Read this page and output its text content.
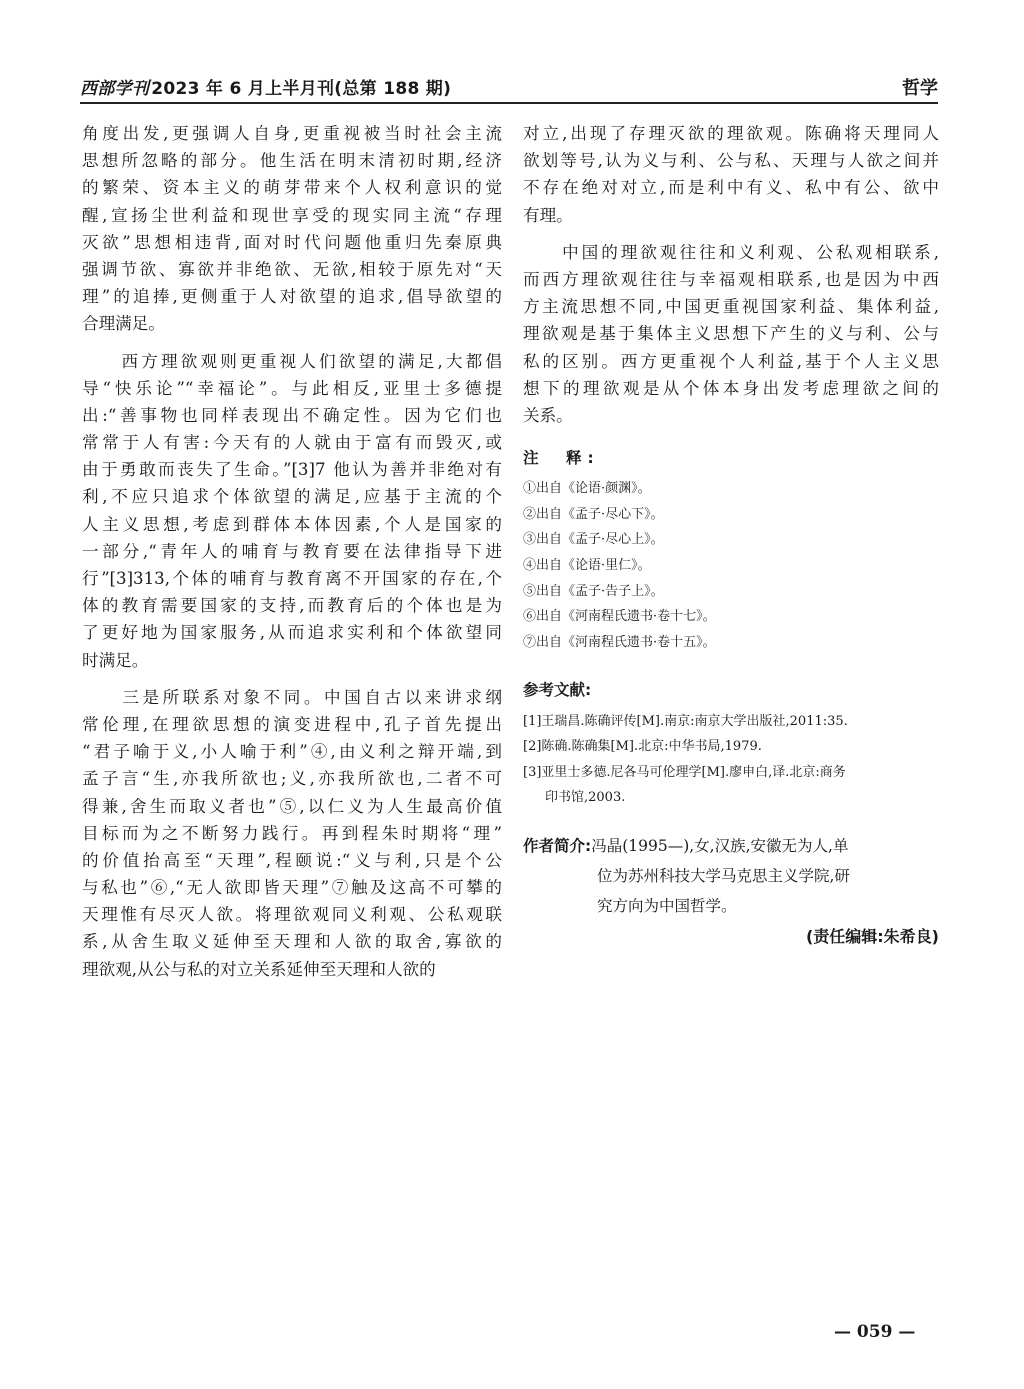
西部学刊 2023 年 6 月上半月刊(总第 188 期)	哲学
角度出发,更强调人自身,更重视被当时社会主流
思想所忽略的部分。他生活在明末清初时期,经济
的繁荣、资本主义的萌芽带来个人权利意识的觉
醒,宣扬尘世利益和现世享受的现实同主流“存理
灭欲”思想相违背,面对时代问题他重归先秦原典
强调节欲、寡欲并非绝欲、无欲,相较于原先对“天
理”的追捧,更侧重于人对欲望的追求,倡导欲望的
合理满足。
　　西方理欲观则更重视人们欲望的满足,大都倡
导“快乐论”“幸福论”。与此相反,亚里士多德提
出:“善事物也同样表现出不确定性。因为它们也
常常于人有害:今天有的人就由于富有而毁灭,或
由于勇敢而丧失了生命。”[3]7 他认为善并非绝对有
利,不应只追求个体欲望的满足,应基于主流的个
人主义思想,考虑到群体本体因素,个人是国家的
一部分,“青年人的哺育与教育要在法律指导下进
行”[3]313,个体的哺育与教育离不开国家的存在,个
体的教育需要国家的支持,而教育后的个体也是为
了更好地为国家服务,从而追求实利和个体欲望同
时满足。
　　三是所联系对象不同。中国自古以来讲求纲
常伦理,在理欲思想的演变进程中,孔子首先提出
“君子喻于义,小人喻于利”④,由义利之辩开端,到
孟子言“生,亦我所欲也;义,亦我所欲也,二者不可
得兼,舍生而取义者也”⑤,以仁义为人生最高价值
目标而为之不断努力践行。再到程朱时期将“理”
的价值抬高至“天理”,程颐说:“义与利,只是个公
与私也”⑥,“无人欲即皆天理”⑦触及这高不可攀的
天理惟有尽灭人欲。将理欲观同义利观、公私观联
系,从舍生取义延伸至天理和人欲的取舍,寡欲的
理欲观,从公与私的对立关系延伸至天理和人欲的
对立,出现了存理灭欲的理欲观。陈确将天理同人
欲划等号,认为义与利、公与私、天理与人欲之间并
不存在绝对对立,而是利中有义、私中有公、欲中
有理。
　　中国的理欲观往往和义利观、公私观相联系,
而西方理欲观往往与幸福观相联系,也是因为中西
方主流思想不同,中国更重视国家利益、集体利益,
理欲观是基于集体主义思想下产生的义与利、公与
私的区别。西方更重视个人利益,基于个人主义思
想下的理欲观是从个体本身出发考虑理欲之间的
关系。
注　释:
①出自《论语·颜渊》。
②出自《孟子·尽心下》。
③出自《孟子·尽心上》。
④出自《论语·里仁》。
⑤出自《孟子·告子上》。
⑥出自《河南程氏遗书·卷十七》。
⑦出自《河南程氏遗书·卷十五》。
参考文献:
[1]王瑞昌.陈确评传[M].南京:南京大学出版社,2011:35.
[2]陈确.陈确集[M].北京:中华书局,1979.
[3]亚里士多德.尼各马可伦理学[M].廖申白,译.北京:商务
印书馆,2003.
作者简介:冯晶(1995—),女,汉族,安徽无为人,单
位为苏州科技大学马克思主义学院,研
究方向为中国哲学。
(责任编辑:朱希良)
— 059 —
